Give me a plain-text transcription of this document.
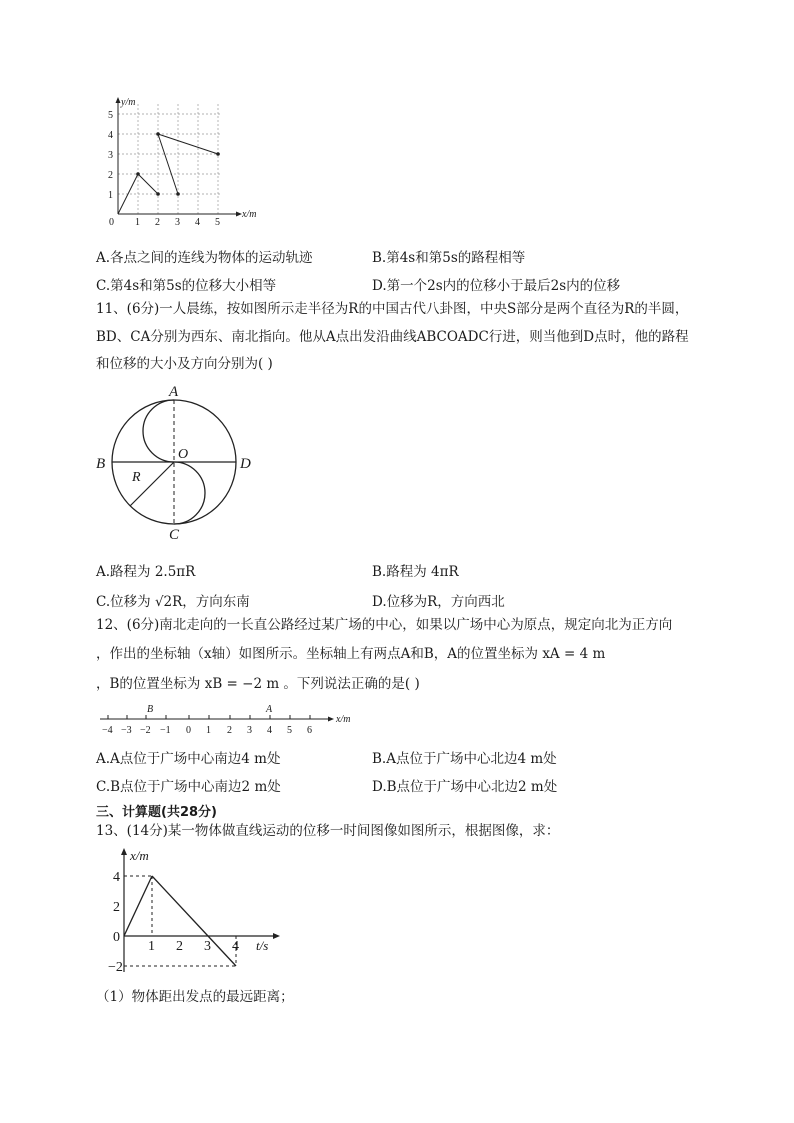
y/m
x/m
5
4
3
2
1
0 1 2 3 4 5
A.各点之间的连线为物体的运动轨迹	B.第4s和第5s的路程相等
C.第4s和第5s的位移大小相等	D.第一个2s内的位移小于最后2s内的位移
11、(6分)一人晨练，按如图所示走半径为R的中国古代八卦图，中央S部分是两个直径为R的半圆，
BD、CA分别为西东、南北指向。他从A点出发沿曲线ABCOADC行进，则当他到D点时，他的路程
和位移的大小及方向分别为( )
A
B	D
C
O
R
A.路程为 2.5πR	B.路程为 4πR
C.位移为 √2R，方向东南	D.位移为R，方向西北
12、(6分)南北走向的一长直公路经过某广场的中心，如果以广场中心为原点，规定向北为正方向
，作出的坐标轴（x轴）如图所示。坐标轴上有两点A和B，A的位置坐标为 xA = 4 m
，B的位置坐标为 xB = −2 m 。下列说法正确的是( )
B	A
x/m
−4 −3 −2 −1 0 1 2 3 4 5 6
A.A点位于广场中心南边4 m处	B.A点位于广场中心北边4 m处
C.B点位于广场中心南边2 m处	D.B点位于广场中心北边2 m处
三、计算题(共28分)
13、(14分)某一物体做直线运动的位移一时间图像如图所示，根据图像，求：
x/m
t/s
1 2 3 4
4
2
0
−2
（1）物体距出发点的最远距离；
